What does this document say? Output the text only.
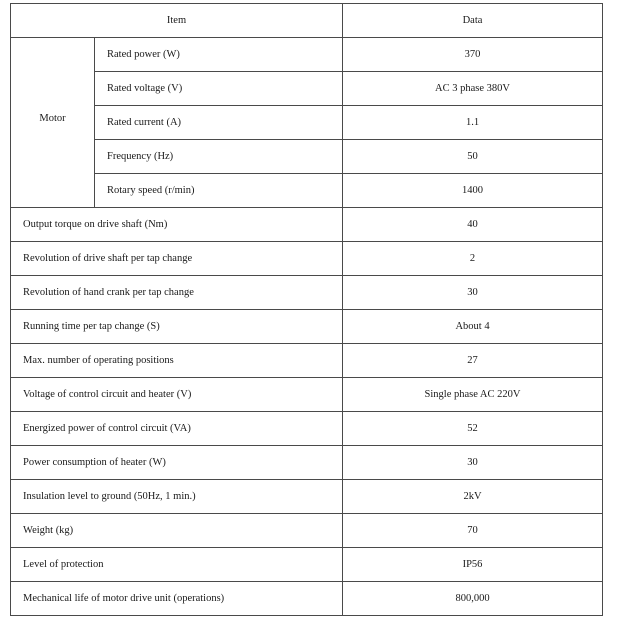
Item		Data
Motor	Rated power (W)	370
	Rated voltage (V)	AC 3 phase 380V
	Rated current (A)	1.1
	Frequency (Hz)	50
	Rotary speed (r/min)	1400
Output torque on drive shaft (Nm)		40
Revolution of drive shaft per tap change		2
Revolution of hand crank per tap change		30
Running time per tap change (S)		About 4
Max. number of operating positions		27
Voltage of control circuit and heater (V)		Single phase AC 220V
Energized power of control circuit (VA)		52
Power consumption of heater (W)		30
Insulation level to ground (50Hz, 1 min.)		2kV
Weight (kg)		70
Level of protection		IP56
Mechanical life of motor drive unit (operations)		800,000
